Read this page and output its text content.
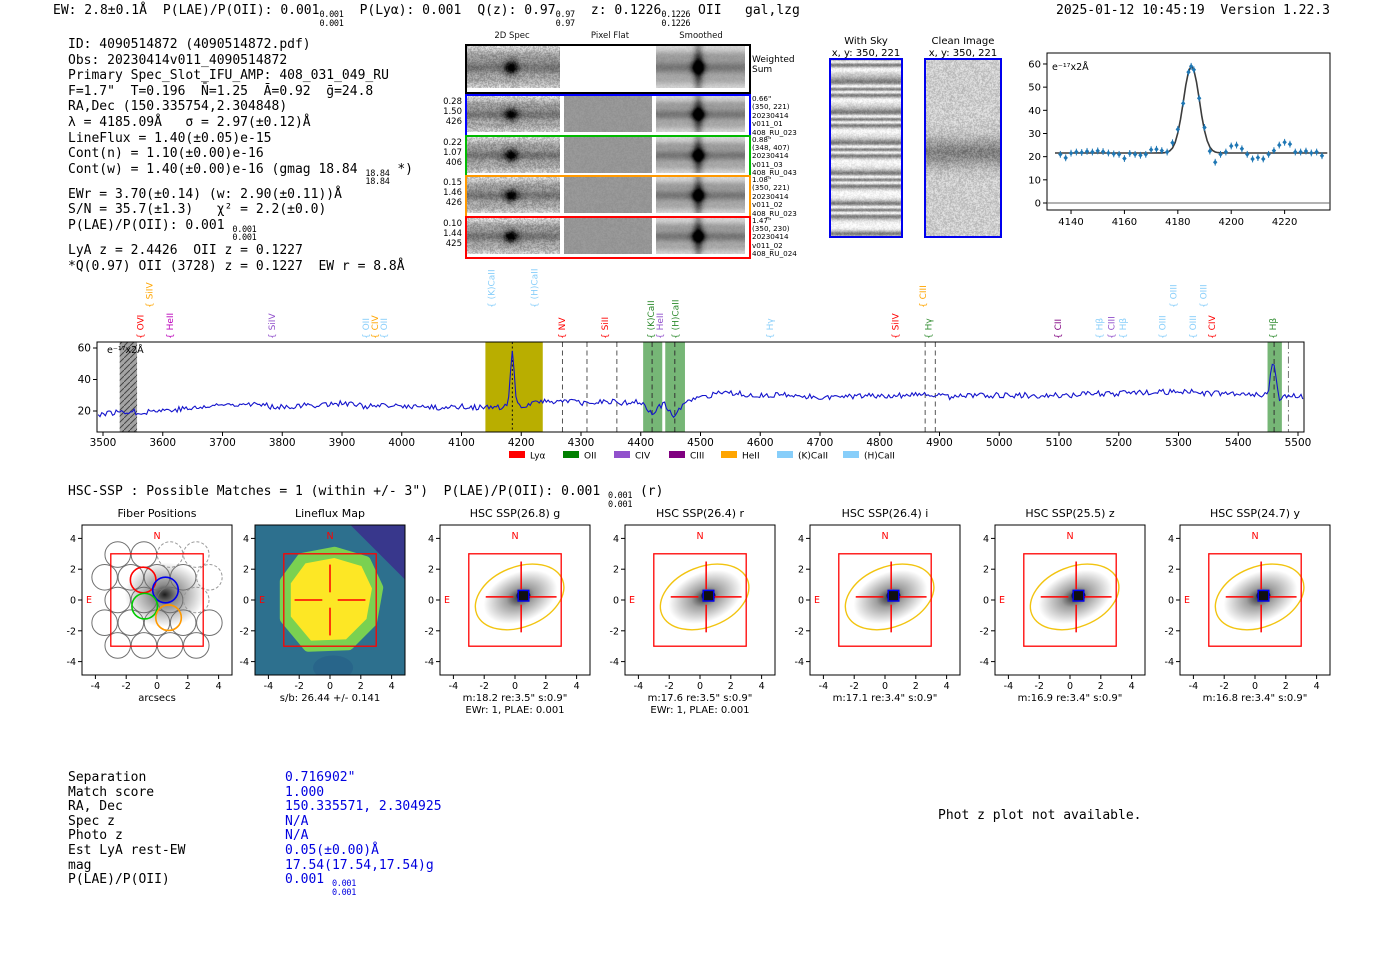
EW: 2.8±0.1Å P(LAE)/P(OII): 0.001 0.001
0.001
P(Lyα): 0.001 Q(z): 0.97 0.97
0.97
z: 0.1226 0.1226
0.1226
OII   gal,lzg	2025-01-12 10:45:19 Version 1.22.3
ID: 4090514872 (4090514872.pdf)
Obs: 20230414v011_4090514872
Primary Spec_Slot_IFU_AMP: 408_031_049_RU
F=1.7"  T=0.196  N̄=1.25  Ā=0.92  ḡ=24.8
RA,Dec (150.335754,2.304848)
λ = 4185.09Å   σ = 2.97(±0.12)Å
LineFlux = 1.40(±0.05)e-15
Cont(n) = 1.10(±0.00)e-16
Cont(w) = 1.40(±0.00)e-16 (gmag 18.84 18.84
18.84
*)
EWr = 3.70(±0.14) (w: 2.90(±0.11))Å
S/N = 35.7(±1.3)   χ² = 2.2(±0.0)
P(LAE)/P(OII): 0.001 0.001
0.001
LyA z = 2.4426  OII z = 0.1227
*Q(0.97) OII (3728) z = 0.1227  EW r = 8.8Å
2D Spec	Pixel Flat	Smoothed
0.28
1.50
426
0.66"
(350, 221)
20230414
v011_01
408_RU_023
0.22
1.07
406
0.88"
(348, 407)
20230414
v011_03
408_RU_043
0.15
1.46
426
1.08"
(350, 221)
20230414
v011_02
408_RU_023
0.10
1.44
425
1.47"
(350, 230)
20230414
v011_02
408_RU_024
Weighted
Sum
With Sky
x, y: 350, 221
Clean Image
x, y: 350, 221
4140	4160	4180	4200	4220
0
10
20
30
40
50
60 e⁻¹⁷x2Å
3500	3600	3700	3800	3900	4000	4100	4200	4300	4400	4500	4600	4700	4800	4900	5000	5100	5200	5300	5400	5500
20
40
60 e⁻¹⁷x2Å
{ OVI
{ SiIV
{ HeII	{ SiIV	{ OII { CIV
{ OII
{ (K)CaII	{ (H)CaII
{ NV	{ SiII	{ (K)CaII { HeII { (H)CaII	{ Hγ	{ SiIV
{ CIII
{ Hγ	{ CII	{ Hβ { CIII { Hβ	{ OIII
{ OIII
{ OIII
{ OIII
{ CIV	{ Hβ
Lyα	OII	CIV	CIII	HeII	(K)CaII	(H)CaII
HSC-SSP : Possible Matches = 1 (within +/- 3")  P(LAE)/P(OII): 0.001 0.001
0.001
(r)
N
E
4
2
0
-2
-4
-4 -2 0	2	4
Fiber Positions
arcsecs
N
E
4
2
0
-2
-4
-4 -2 0	2	4
Lineflux Map
s/b: 26.44 +/- 0.141
N
E
4
2
0
-2
-4
-4 -2 0	2	4
HSC SSP(26.8) g
m:18.2 re:3.5" s:0.9"
EWr: 1, PLAE: 0.001
N
E
4
2
0
-2
-4
-4 -2 0	2	4
HSC SSP(26.4) r
m:17.6 re:3.5" s:0.9"
EWr: 1, PLAE: 0.001
N
E
4
2
0
-2
-4
-4 -2 0	2	4
HSC SSP(26.4) i
m:17.1 re:3.4" s:0.9"
N
E
4
2
0
-2
-4
-4 -2 0	2	4
HSC SSP(25.5) z
m:16.9 re:3.4" s:0.9"
N
E
4
2
0
-2
-4
-4 -2 0	2	4
HSC SSP(24.7) y
m:16.8 re:3.4" s:0.9"
Separation	0.716902"
Match score	1.000
RA, Dec	150.335571, 2.304925
Spec z	N/A
Photo z	N/A
Est LyA rest-EW	0.05(±0.00)Å
mag	17.54(17.54,17.54)g
P(LAE)/P(OII)	0.001 0.001
0.001
Phot z plot not available.
